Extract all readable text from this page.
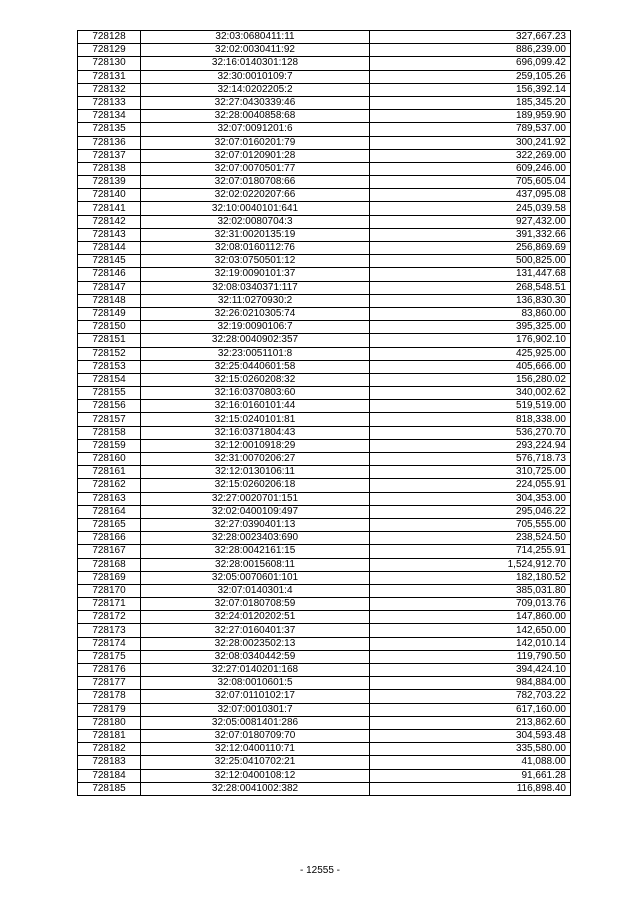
728128	32:03:0680411:11	327,667.23
728129	32:02:0030411:92	886,239.00
728130	32:16:0140301:128	696,099.42
728131	32:30:0010109:7	259,105.26
728132	32:14:0202205:2	156,392.14
728133	32:27:0430339:46	185,345.20
728134	32:28:0040858:68	189,959.90
728135	32:07:0091201:6	789,537.00
728136	32:07:0160201:79	300,241.92
728137	32:07:0120901:28	322,269.00
728138	32:07:0070501:77	609,246.00
728139	32:07:0180708:66	705,605.04
728140	32:02:0220207:66	437,095.08
728141	32:10:0040101:641	245,039.58
728142	32:02:0080704:3	927,432.00
728143	32:31:0020135:19	391,332.66
728144	32:08:0160112:76	256,869.69
728145	32:03:0750501:12	500,825.00
728146	32:19:0090101:37	131,447.68
728147	32:08:0340371:117	268,548.51
728148	32:11:0270930:2	136,830.30
728149	32:26:0210305:74	83,860.00
728150	32:19:0090106:7	395,325.00
728151	32:28:0040902:357	176,902.10
728152	32:23:0051101:8	425,925.00
728153	32:25:0440601:58	405,666.00
728154	32:15:0260208:32	156,280.02
728155	32:16:0370803:60	340,002.62
728156	32:16:0160101:44	519,519.00
728157	32:15:0240101:81	818,338.00
728158	32:16:0371804:43	536,270.70
728159	32:12:0010918:29	293,224.94
728160	32:31:0070206:27	576,718.73
728161	32:12:0130106:11	310,725.00
728162	32:15:0260206:18	224,055.91
728163	32:27:0020701:151	304,353.00
728164	32:02:0400109:497	295,046.22
728165	32:27:0390401:13	705,555.00
728166	32:28:0023403:690	238,524.50
728167	32:28:0042161:15	714,255.91
728168	32:28:0015608:11	1,524,912.70
728169	32:05:0070601:101	182,180.52
728170	32:07:0140301:4	385,031.80
728171	32:07:0180708:59	709,013.76
728172	32:24:0120202:51	147,860.00
728173	32:27:0160401:37	142,650.00
728174	32:28:0023502:13	142,010.14
728175	32:08:0340442:59	119,790.50
728176	32:27:0140201:168	394,424.10
728177	32:08:0010601:5	984,884.00
728178	32:07:0110102:17	782,703.22
728179	32:07:0010301:7	617,160.00
728180	32:05:0081401:286	213,862.60
728181	32:07:0180709:70	304,593.48
728182	32:12:0400110:71	335,580.00
728183	32:25:0410702:21	41,088.00
728184	32:12:0400108:12	91,661.28
728185	32:28:0041002:382	116,898.40
- 12555 -
